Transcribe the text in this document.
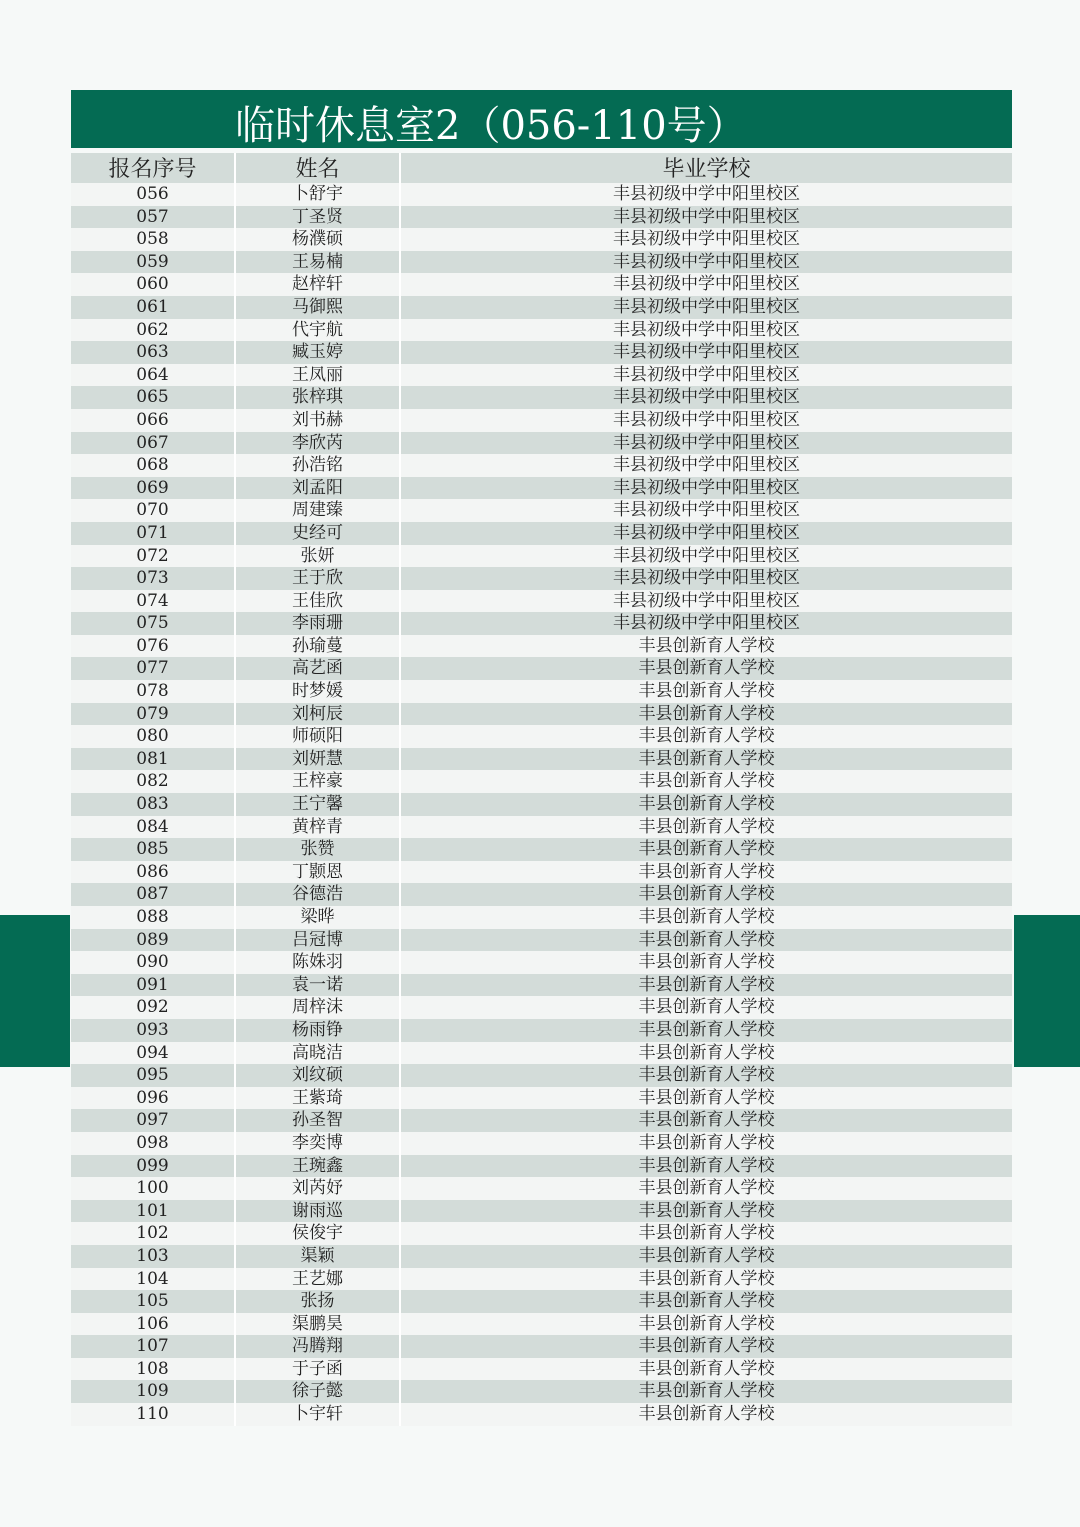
临时休息室2（056-110号）
报名序号	姓名	毕业学校
056	卜舒宇	丰县初级中学中阳里校区
057	丁圣贤	丰县初级中学中阳里校区
058	杨濮硕	丰县初级中学中阳里校区
059	王易楠	丰县初级中学中阳里校区
060	赵梓轩	丰县初级中学中阳里校区
061	马御熙	丰县初级中学中阳里校区
062	代宇航	丰县初级中学中阳里校区
063	臧玉婷	丰县初级中学中阳里校区
064	王凤丽	丰县初级中学中阳里校区
065	张梓琪	丰县初级中学中阳里校区
066	刘书赫	丰县初级中学中阳里校区
067	李欣芮	丰县初级中学中阳里校区
068	孙浩铭	丰县初级中学中阳里校区
069	刘孟阳	丰县初级中学中阳里校区
070	周建臻	丰县初级中学中阳里校区
071	史经可	丰县初级中学中阳里校区
072	张妍	丰县初级中学中阳里校区
073	王于欣	丰县初级中学中阳里校区
074	王佳欣	丰县初级中学中阳里校区
075	李雨珊	丰县初级中学中阳里校区
076	孙瑜蔓	丰县创新育人学校
077	高艺函	丰县创新育人学校
078	时梦媛	丰县创新育人学校
079	刘柯辰	丰县创新育人学校
080	师硕阳	丰县创新育人学校
081	刘妍慧	丰县创新育人学校
082	王梓豪	丰县创新育人学校
083	王宁馨	丰县创新育人学校
084	黄梓青	丰县创新育人学校
085	张赞	丰县创新育人学校
086	丁颢恩	丰县创新育人学校
087	谷德浩	丰县创新育人学校
088	梁晔	丰县创新育人学校
089	吕冠博	丰县创新育人学校
090	陈姝羽	丰县创新育人学校
091	袁一诺	丰县创新育人学校
092	周梓沫	丰县创新育人学校
093	杨雨铮	丰县创新育人学校
094	高晓洁	丰县创新育人学校
095	刘纹硕	丰县创新育人学校
096	王紫琦	丰县创新育人学校
097	孙圣智	丰县创新育人学校
098	李奕博	丰县创新育人学校
099	王琬鑫	丰县创新育人学校
100	刘芮妤	丰县创新育人学校
101	谢雨巡	丰县创新育人学校
102	侯俊宇	丰县创新育人学校
103	渠颖	丰县创新育人学校
104	王艺娜	丰县创新育人学校
105	张扬	丰县创新育人学校
106	渠鹏昊	丰县创新育人学校
107	冯腾翔	丰县创新育人学校
108	于子函	丰县创新育人学校
109	徐子懿	丰县创新育人学校
110	卜宇轩	丰县创新育人学校
